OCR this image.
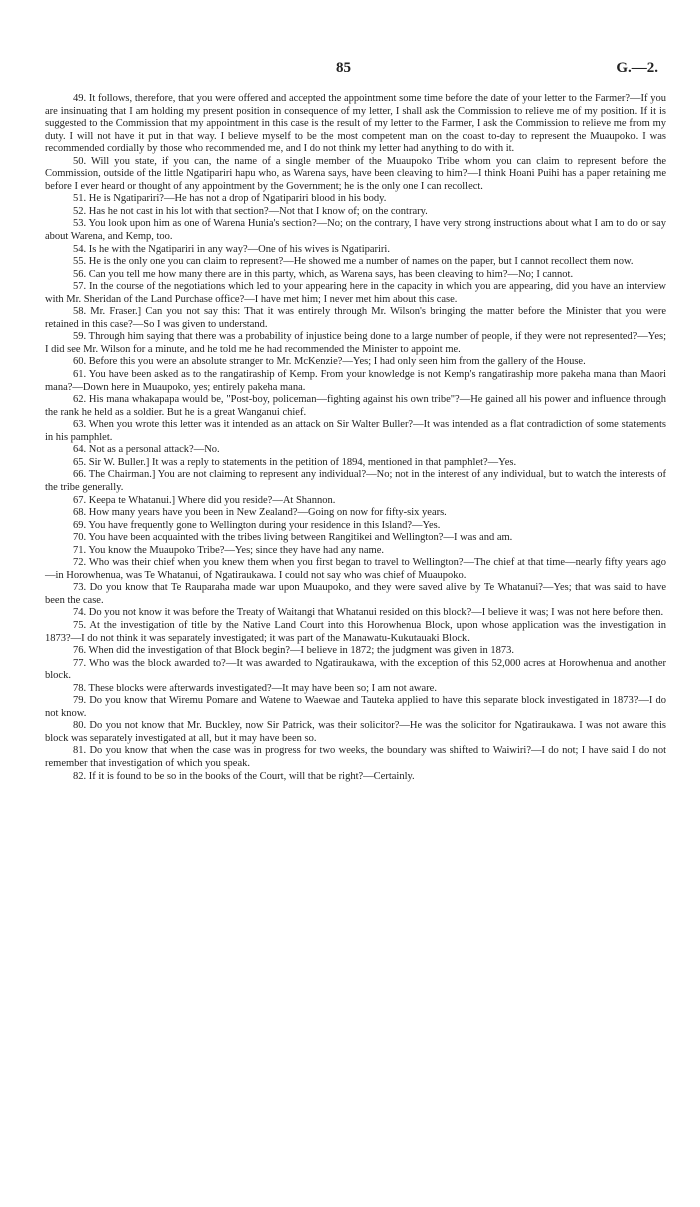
85	G.—2.

49. It follows, therefore, that you were offered and accepted the appointment some time before the date of your letter to the Farmer?—If you are insinuating that I am holding my present position in consequence of my letter, I shall ask the Commission to relieve me of my position. If it is suggested to the Commission that my appointment in this case is the result of my letter to the Farmer, I ask the Commission to relieve me from my duty. I will not have it put in that way. I believe myself to be the most competent man on the coast to-day to represent the Muaupoko. I was recommended cordially by those who recommended me, and I do not think my letter had anything to do with it.

50. Will you state, if you can, the name of a single member of the Muaupoko Tribe whom you can claim to represent before the Commission, outside of the little Ngatipariri hapu who, as Warena says, have been cleaving to him?—I think Hoani Puihi has a paper retaining me before I ever heard or thought of any appointment by the Government; he is the only one I can recollect.

51. He is Ngatipariri?—He has not a drop of Ngatipariri blood in his body.

52. Has he not cast in his lot with that section?—Not that I know of; on the contrary.

53. You look upon him as one of Warena Hunia's section?—No; on the contrary, I have very strong instructions about what I am to do or say about Warena, and Kemp, too.

54. Is he with the Ngatipariri in any way?—One of his wives is Ngatipariri.

55. He is the only one you can claim to represent?—He showed me a number of names on the paper, but I cannot recollect them now.

56. Can you tell me how many there are in this party, which, as Warena says, has been cleaving to him?—No; I cannot.

57. In the course of the negotiations which led to your appearing here in the capacity in which you are appearing, did you have an interview with Mr. Sheridan of the Land Purchase office?—I have met him; I never met him about this case.

58. Mr. Fraser.] Can you not say this: That it was entirely through Mr. Wilson's bringing the matter before the Minister that you were retained in this case?—So I was given to understand.

59. Through him saying that there was a probability of injustice being done to a large number of people, if they were not represented?—Yes; I did see Mr. Wilson for a minute, and he told me he had recommended the Minister to appoint me.

60. Before this you were an absolute stranger to Mr. McKenzie?—Yes; I had only seen him from the gallery of the House.

61. You have been asked as to the rangatiraship of Kemp. From your knowledge is not Kemp's rangatiraship more pakeha mana than Maori mana?—Down here in Muaupoko, yes; entirely pakeha mana.

62. His mana whakapapa would be, "Post-boy, policeman—fighting against his own tribe"?—He gained all his power and influence through the rank he held as a soldier. But he is a great Wanganui chief.

63. When you wrote this letter was it intended as an attack on Sir Walter Buller?—It was intended as a flat contradiction of some statements in his pamphlet.

64. Not as a personal attack?—No.

65. Sir W. Buller.] It was a reply to statements in the petition of 1894, mentioned in that pamphlet?—Yes.

66. The Chairman.] You are not claiming to represent any individual?—No; not in the interest of any individual, but to watch the interests of the tribe generally.

67. Keepa te Whatanui.] Where did you reside?—At Shannon.

68. How many years have you been in New Zealand?—Going on now for fifty-six years.

69. You have frequently gone to Wellington during your residence in this Island?—Yes.

70. You have been acquainted with the tribes living between Rangitikei and Wellington?—I was and am.

71. You know the Muaupoko Tribe?—Yes; since they have had any name.

72. Who was their chief when you knew them when you first began to travel to Wellington?—The chief at that time—nearly fifty years ago—in Horowhenua, was Te Whatanui, of Ngatiraukawa. I could not say who was chief of Muaupoko.

73. Do you know that Te Rauparaha made war upon Muaupoko, and they were saved alive by Te Whatanui?—Yes; that was said to have been the case.

74. Do you not know it was before the Treaty of Waitangi that Whatanui resided on this block?—I believe it was; I was not here before then.

75. At the investigation of title by the Native Land Court into this Horowhenua Block, upon whose application was the investigation in 1873?—I do not think it was separately investigated; it was part of the Manawatu-Kukutauaki Block.

76. When did the investigation of that Block begin?—I believe in 1872; the judgment was given in 1873.

77. Who was the block awarded to?—It was awarded to Ngatiraukawa, with the exception of this 52,000 acres at Horowhenua and another block.

78. These blocks were afterwards investigated?—It may have been so; I am not aware.

79. Do you know that Wiremu Pomare and Watene to Waewae and Tauteka applied to have this separate block investigated in 1873?—I do not know.

80. Do you not know that Mr. Buckley, now Sir Patrick, was their solicitor?—He was the solicitor for Ngatiraukawa. I was not aware this block was separately investigated at all, but it may have been so.

81. Do you know that when the case was in progress for two weeks, the boundary was shifted to Waiwiri?—I do not; I have said I do not remember that investigation of which you speak.

82. If it is found to be so in the books of the Court, will that be right?—Certainly.
